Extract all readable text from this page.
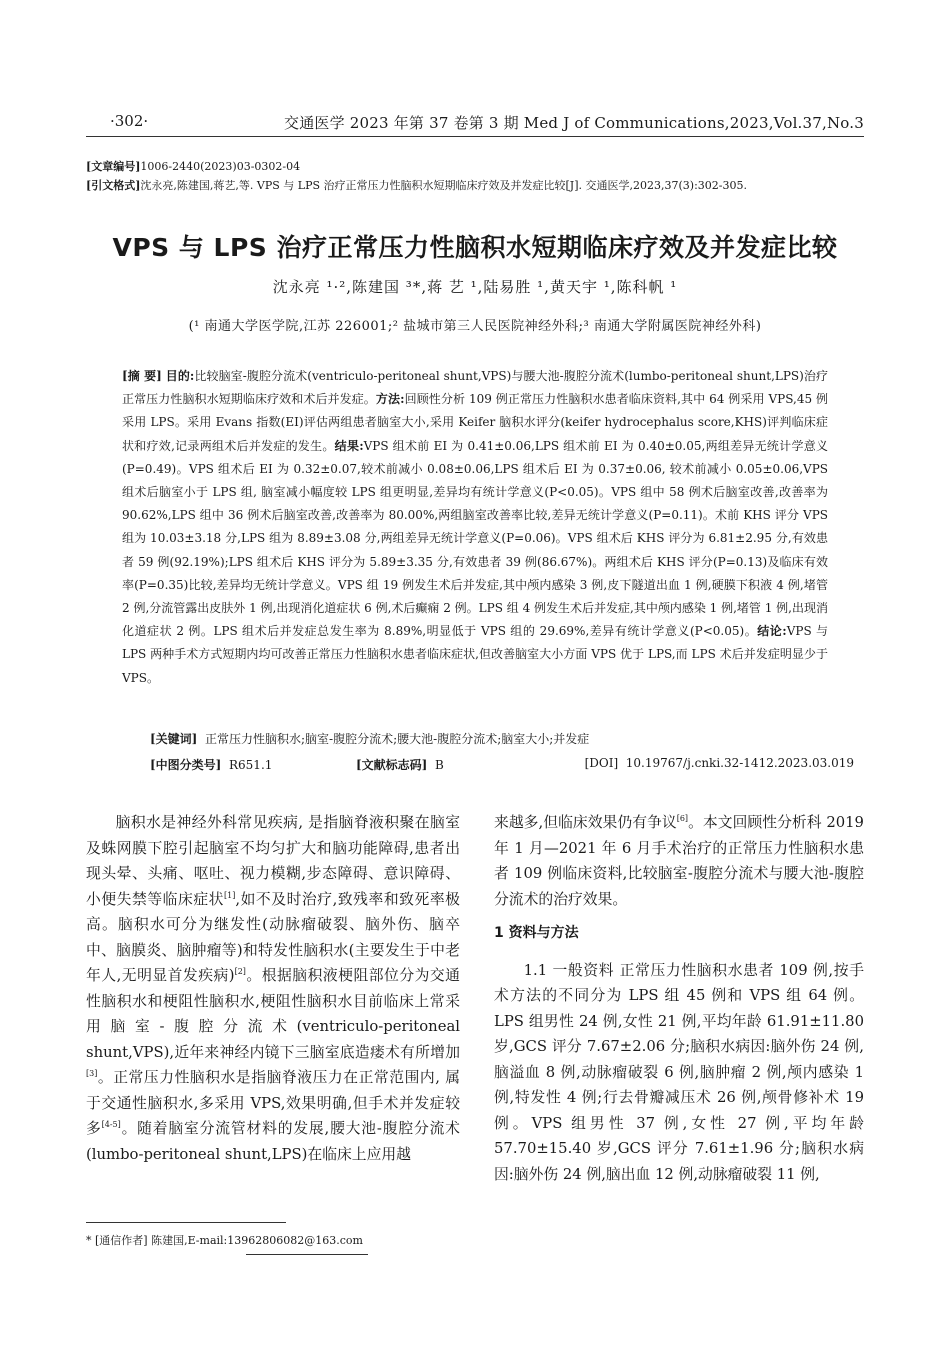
·302·	交通医学 2023 年第 37 卷第 3 期 Med J of Communications,2023,Vol.37,No.3
[文章编号]1006-2440(2023)03-0302-04
[引文格式]沈永亮,陈建国,蒋艺,等. VPS 与 LPS 治疗正常压力性脑积水短期临床疗效及并发症比较[J]. 交通医学,2023,37(3):302-305.
VPS 与 LPS 治疗正常压力性脑积水短期临床疗效及并发症比较
沈永亮 ¹·²,陈建国 ³*,蒋 艺 ¹,陆易胜 ¹,黄天宇 ¹,陈科帆 ¹
(¹ 南通大学医学院,江苏 226001;² 盐城市第三人民医院神经外科;³ 南通大学附属医院神经外科)
[摘 要] 目的:比较脑室-腹腔分流术(ventriculo-peritoneal shunt,VPS)与腰大池-腹腔分流术(lumbo-peritoneal shunt,LPS)治疗正常压力性脑积水短期临床疗效和术后并发症。方法:回顾性分析 109 例正常压力性脑积水患者临床资料,其中 64 例采用 VPS,45 例采用 LPS。采用 Evans 指数(EI)评估两组患者脑室大小,采用 Keifer 脑积水评分(keifer hydrocephalus score,KHS)评判临床症状和疗效,记录两组术后并发症的发生。结果:VPS 组术前 EI 为 0.41±0.06,LPS 组术前 EI 为 0.40±0.05,两组差异无统计学意义(P=0.49)。VPS 组术后 EI 为 0.32±0.07,较术前减小 0.08±0.06,LPS 组术后 EI 为 0.37±0.06, 较术前减小 0.05±0.06,VPS 组术后脑室小于 LPS 组, 脑室减小幅度较 LPS 组更明显,差异均有统计学意义(P<0.05)。VPS 组中 58 例术后脑室改善,改善率为 90.62%,LPS 组中 36 例术后脑室改善,改善率为 80.00%,两组脑室改善率比较,差异无统计学意义(P=0.11)。术前 KHS 评分 VPS 组为 10.03±3.18 分,LPS 组为 8.89±3.08 分,两组差异无统计学意义(P=0.06)。VPS 组术后 KHS 评分为 6.81±2.95 分,有效患者 59 例(92.19%);LPS 组术后 KHS 评分为 5.89±3.35 分,有效患者 39 例(86.67%)。两组术后 KHS 评分(P=0.13)及临床有效率(P=0.35)比较,差异均无统计学意义。VPS 组 19 例发生术后并发症,其中颅内感染 3 例,皮下隧道出血 1 例,硬膜下积液 4 例,堵管 2 例,分流管露出皮肤外 1 例,出现消化道症状 6 例,术后癫痫 2 例。LPS 组 4 例发生术后并发症,其中颅内感染 1 例,堵管 1 例,出现消化道症状 2 例。LPS 组术后并发症总发生率为 8.89%,明显低于 VPS 组的 29.69%,差异有统计学意义(P<0.05)。结论:VPS 与 LPS 两种手术方式短期内均可改善正常压力性脑积水患者临床症状,但改善脑室大小方面 VPS 优于 LPS,而 LPS 术后并发症明显少于 VPS。
[关键词] 正常压力性脑积水;脑室-腹腔分流术;腰大池-腹腔分流术;脑室大小;并发症
[中图分类号] R651.1	[文献标志码] B	[DOI] 10.19767/j.cnki.32-1412.2023.03.019

脑积水是神经外科常见疾病, 是指脑脊液积聚在脑室及蛛网膜下腔引起脑室不均匀扩大和脑功能障碍,患者出现头晕、头痛、呕吐、视力模糊,步态障碍、意识障碍、小便失禁等临床症状[1],如不及时治疗,致残率和致死率极高。脑积水可分为继发性(动脉瘤破裂、脑外伤、脑卒中、脑膜炎、脑肿瘤等)和特发性脑积水(主要发生于中老年人,无明显首发疾病)[2]。根据脑积液梗阻部位分为交通性脑积水和梗阻性脑积水,梗阻性脑积水目前临床上常采用脑室-腹腔分流术(ventriculo-peritoneal shunt,VPS),近年来神经内镜下三脑室底造瘘术有所增加[3]。正常压力性脑积水是指脑脊液压力在正常范围内, 属于交通性脑积水,多采用 VPS,效果明确,但手术并发症较多[4-5]。随着脑室分流管材料的发展,腰大池-腹腔分流术(lumbo-peritoneal shunt,LPS)在临床上应用越

来越多,但临床效果仍有争议[6]。本文回顾性分析科 2019 年 1 月—2021 年 6 月手术治疗的正常压力性脑积水患者 109 例临床资料,比较脑室-腹腔分流术与腰大池-腹腔分流术的治疗效果。

1 资料与方法

1.1 一般资料 正常压力性脑积水患者 109 例,按手术方法的不同分为 LPS 组 45 例和 VPS 组 64 例。LPS 组男性 24 例,女性 21 例,平均年龄 61.91±11.80 岁,GCS 评分 7.67±2.06 分;脑积水病因:脑外伤 24 例,脑溢血 8 例,动脉瘤破裂 6 例,脑肿瘤 2 例,颅内感染 1 例,特发性 4 例;行去骨瓣减压术 26 例,颅骨修补术 19 例。VPS 组男性 37 例,女性 27 例,平均年龄 57.70±15.40 岁,GCS 评分 7.61±1.96 分;脑积水病因:脑外伤 24 例,脑出血 12 例,动脉瘤破裂 11 例,

* [通信作者] 陈建国,E-mail:13962806082@163.com
